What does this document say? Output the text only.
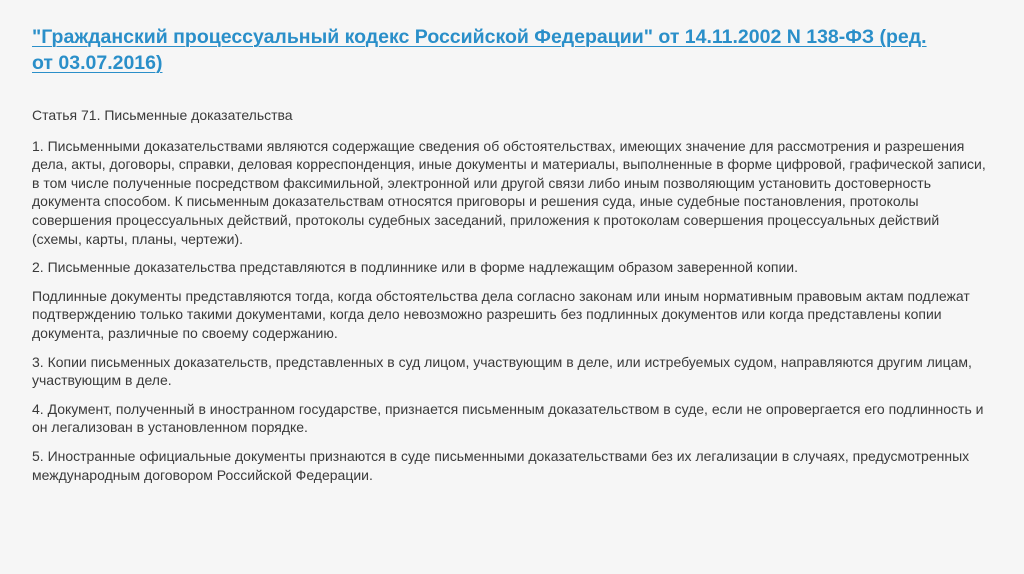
"Гражданский процессуальный кодекс Российской Федерации" от 14.11.2002 N 138-ФЗ (ред. от 03.07.2016)

Статья 71. Письменные доказательства

1. Письменными доказательствами являются содержащие сведения об обстоятельствах, имеющих значение для рассмотрения и разрешения дела, акты, договоры, справки, деловая корреспонденция, иные документы и материалы, выполненные в форме цифровой, графической записи, в том числе полученные посредством факсимильной, электронной или другой связи либо иным позволяющим установить достоверность документа способом. К письменным доказательствам относятся приговоры и решения суда, иные судебные постановления, протоколы совершения процессуальных действий, протоколы судебных заседаний, приложения к протоколам совершения процессуальных действий (схемы, карты, планы, чертежи).

2. Письменные доказательства представляются в подлиннике или в форме надлежащим образом заверенной копии.

Подлинные документы представляются тогда, когда обстоятельства дела согласно законам или иным нормативным правовым актам подлежат подтверждению только такими документами, когда дело невозможно разрешить без подлинных документов или когда представлены копии документа, различные по своему содержанию.

3. Копии письменных доказательств, представленных в суд лицом, участвующим в деле, или истребуемых судом, направляются другим лицам, участвующим в деле.

4. Документ, полученный в иностранном государстве, признается письменным доказательством в суде, если не опровергается его подлинность и он легализован в установленном порядке.

5. Иностранные официальные документы признаются в суде письменными доказательствами без их легализации в случаях, предусмотренных международным договором Российской Федерации.
